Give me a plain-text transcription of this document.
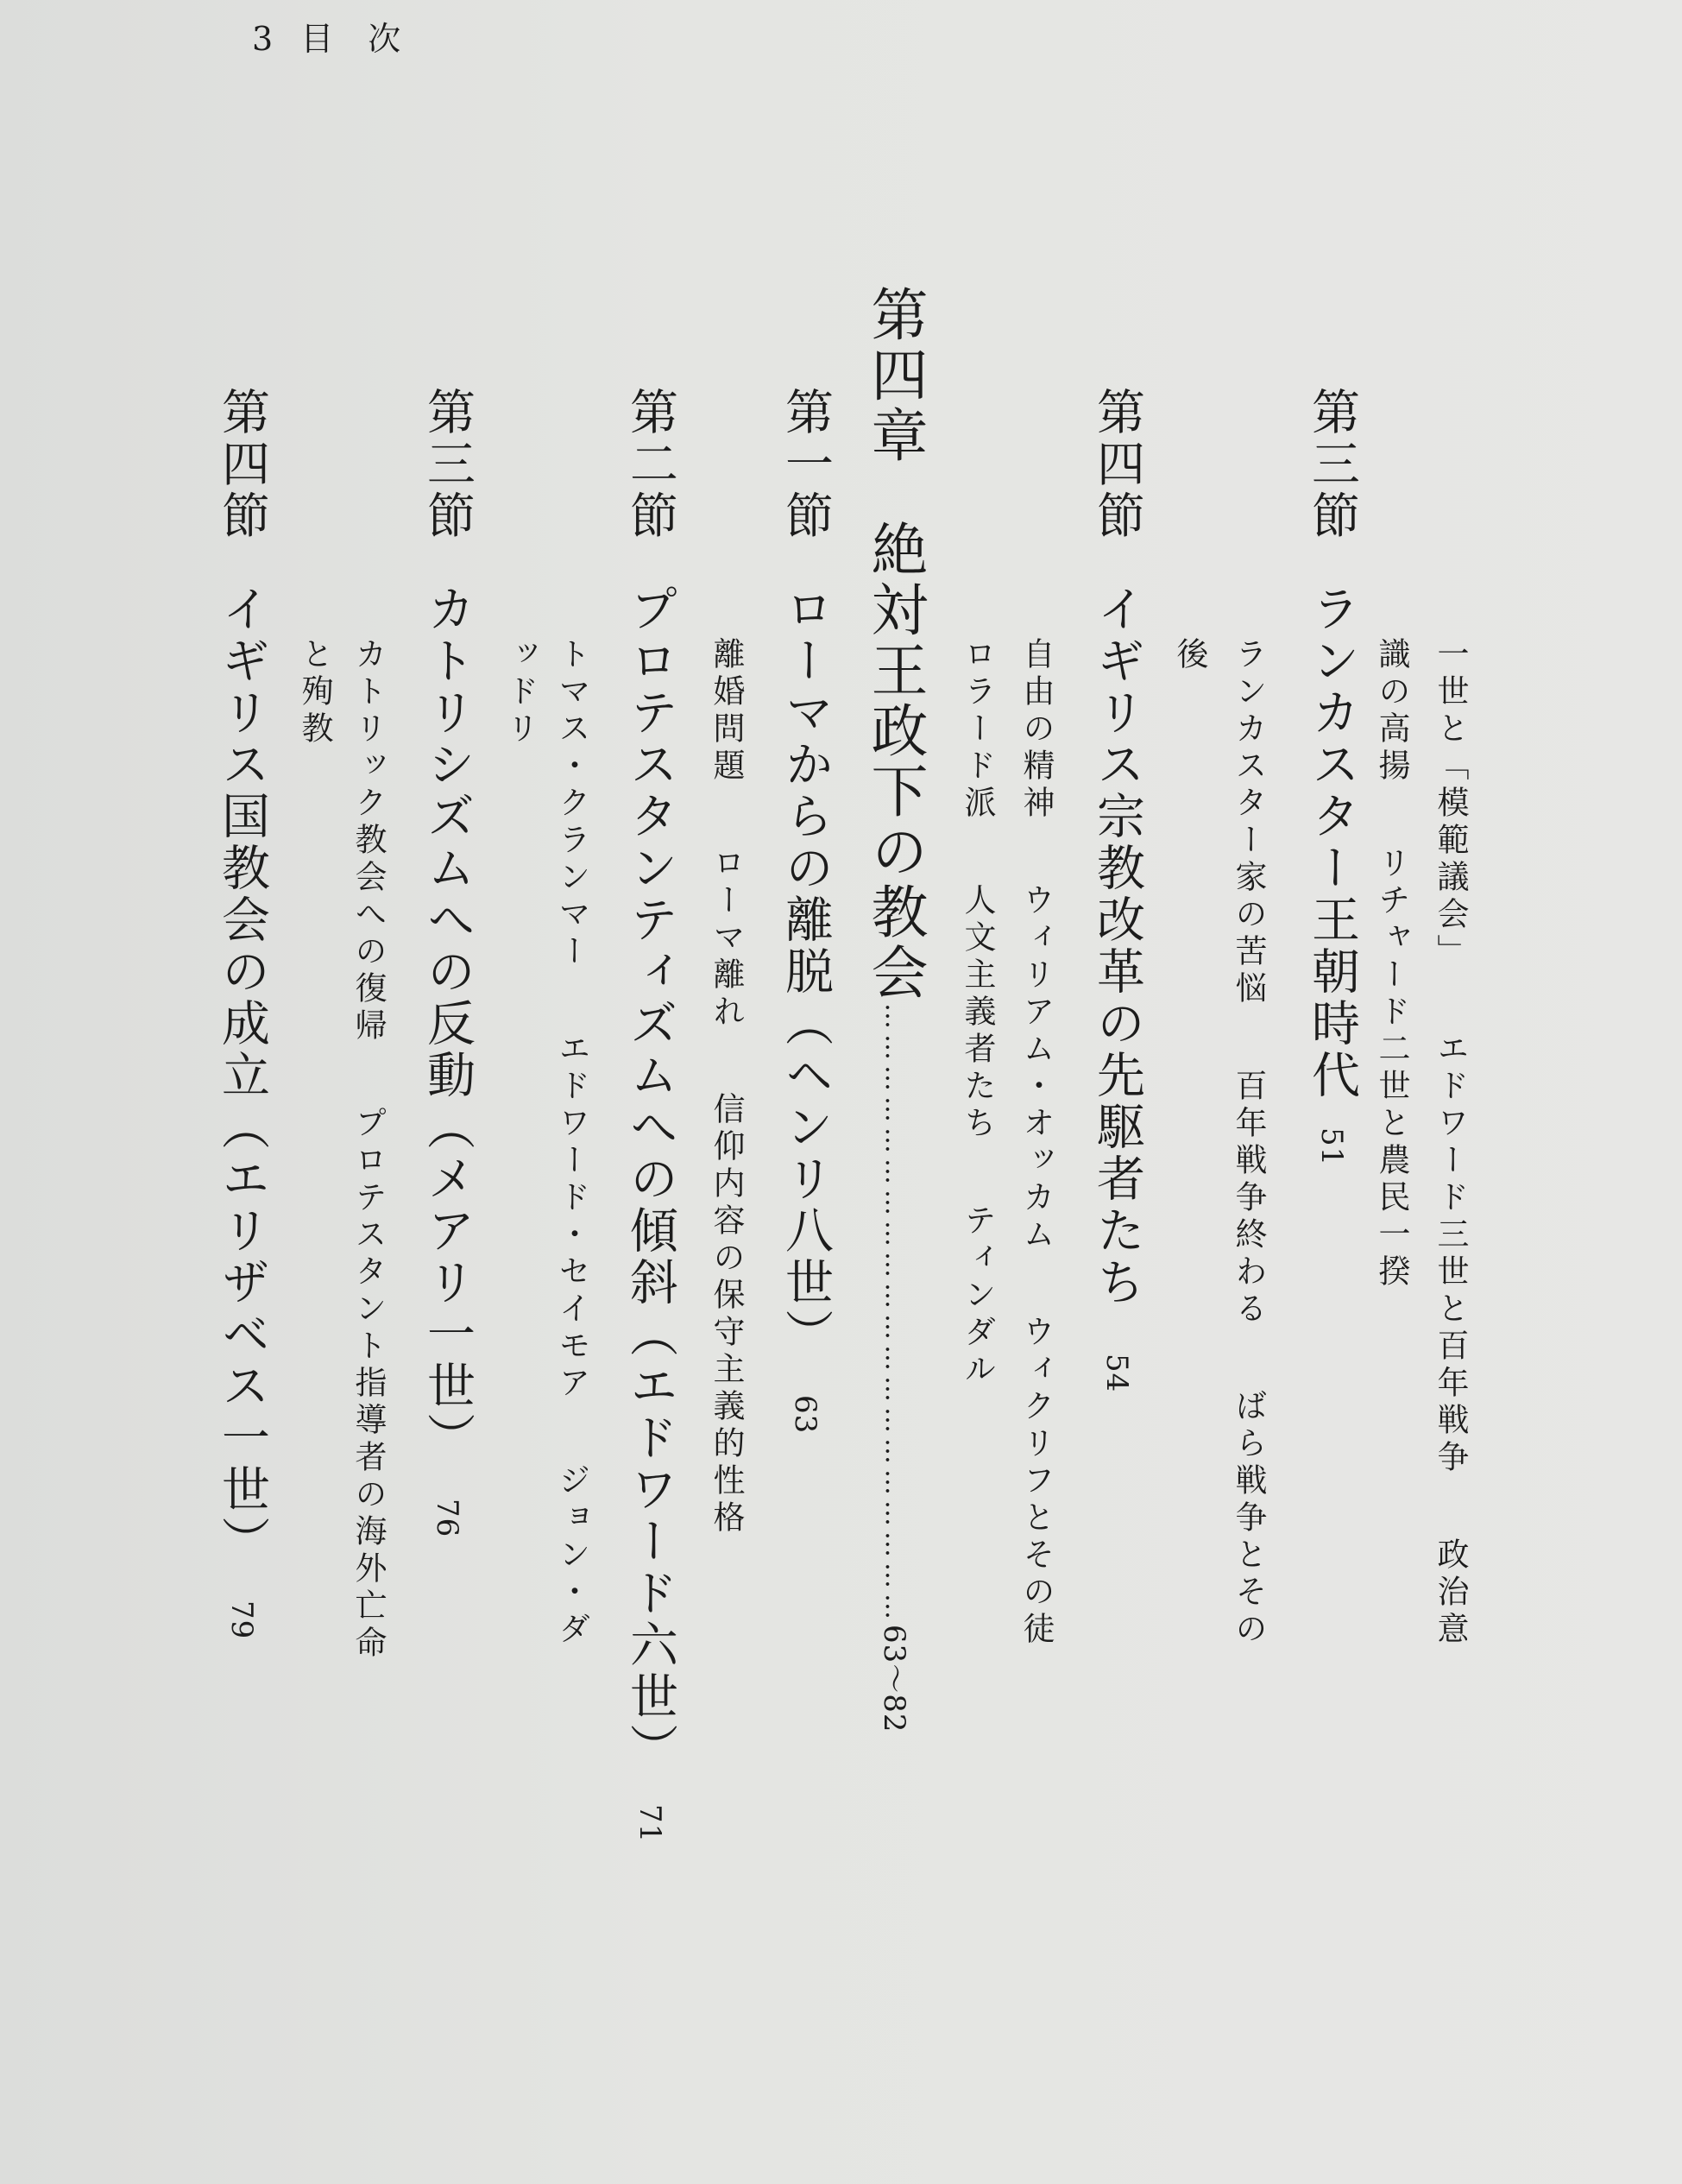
3 目 次
第三節ランカスター王朝時代51
一世と「模範議会」エドワード三世と百年戦争政治意
識の高揚リチャード二世と農民一揆
ランカスター家の苦悩百年戦争終わるばら戦争とその
後
第四節イギリス宗教改革の先駆者たち54
自由の精神ウィリアム・オッカムウィクリフとその徒
ロラード派人文主義者たちティンダル
第四章絶対王政下の教会……………………………………………………63〜82
第一節ローマからの離脱（ヘンリ八世）63
離婚問題ローマ離れ信仰内容の保守主義的性格
第二節プロテスタンティズムへの傾斜（エドワード六世）71
トマス・クランマーエドワード・セイモアジョン・ダ
ッドリ
第三節カトリシズムへの反動（メアリ一世）76
カトリック教会への復帰プロテスタント指導者の海外亡命
と殉教
第四節イギリス国教会の成立（エリザベス一世）79
